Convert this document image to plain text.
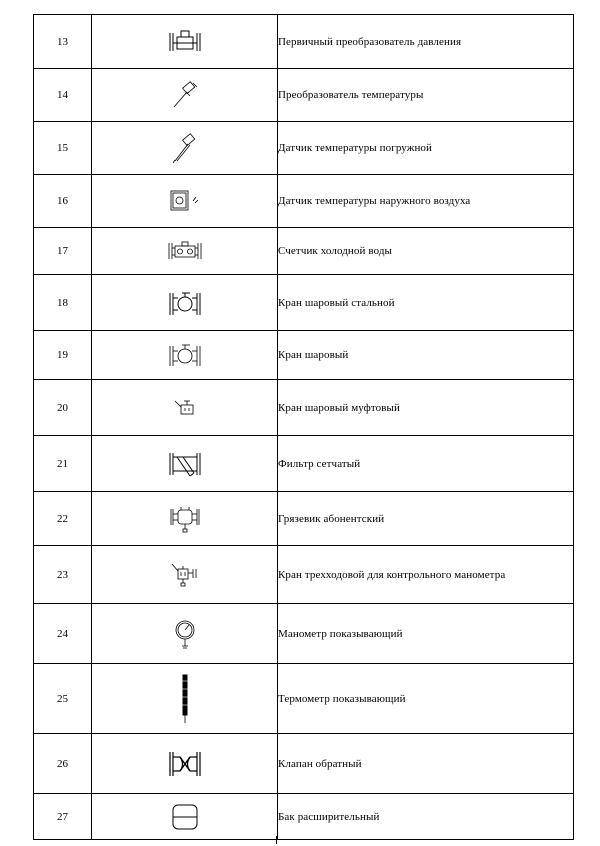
13		Первичный преобразователь давления
14		Преобразователь температуры
15		Датчик температуры погружной
16		Датчик температуры наружного воздуха
17		Счетчик холодной воды
18		Кран шаровый стальной
19		Кран шаровый
20		Кран шаровый муфтовый
21		Фильтр сетчатый
22		Грязевик абонентский
23		Кран трехходовой для контрольного манометра
24		Манометр показывающий
25		Термометр показывающий
26		Клапан обратный
27		Бак расширительный
